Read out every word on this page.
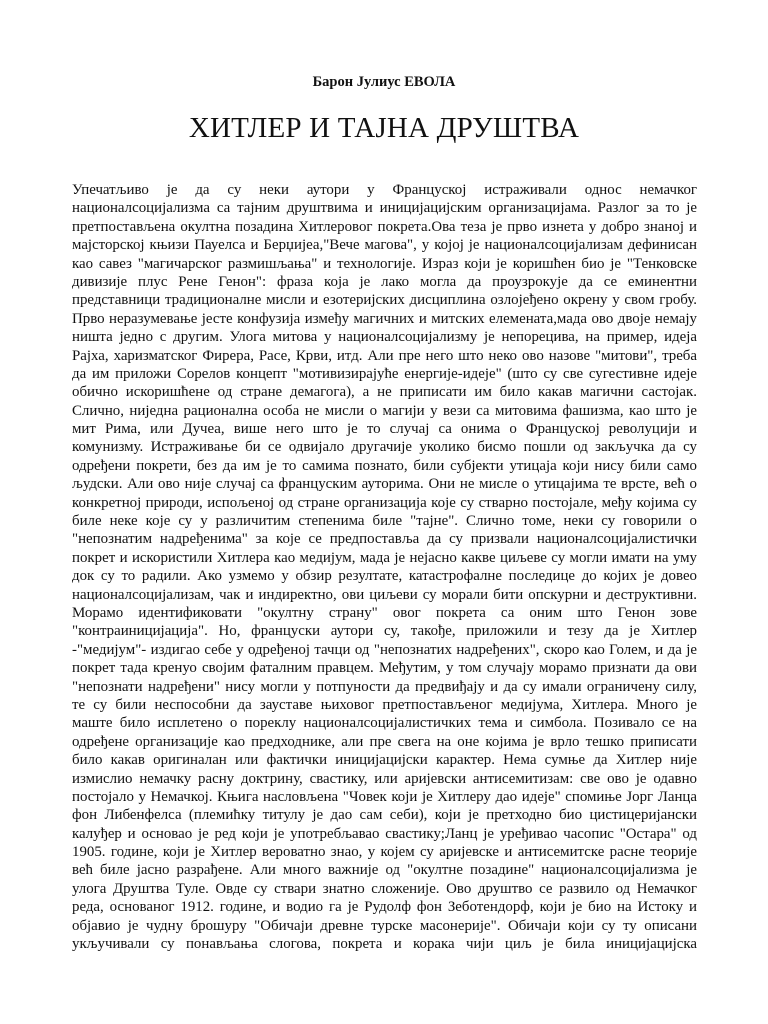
Барон Јулиус ЕВОЛА
ХИТЛЕР И ТАЈНА ДРУШТВА
Упечатљиво је да су неки аутори у Француској истраживали однос немачког
националсоцијализма са тајним друштвима и иницијацијским организацијама. Разлог за то је
претпостављена окултна позадина Хитлеровог покрета.Ова теза је прво изнета у добро знаној и
мајсторској књизи Пауелса и Берџијеа,"Вече магова", у којој је националсоцијализам дефинисан
као савез "магичарског размишљања" и технологије. Израз који је коришћен био је "Тенковске
дивизије плус Рене Генон": фраза која је лако могла да проузрокује да се еминентни
представници традиционалне мисли и езотеријских дисциплина озлојеђено окрену у свом гробу.
Прво неразумевање јесте конфузија између магичних и митских елемената,мада ово двоје немају
ништа једно с другим. Улога митова у националсоцијализму је непорецива, на пример, идеја
Рајха, харизматског Фирера, Расе, Крви, итд. Али пре него што неко ово назове "митови", треба
да им приложи Сорелов концепт "мотивизирајуће енергије-идеје" (што су све сугестивне идеје
обично искоришћене од стране демагога), а не приписати им било какав магични састојак.
Слично, ниједна рационална особа не мисли о магији у вези са митовима фашизма, као што је
мит Рима, или Дучеа, више него што је то случај са онима о Француској револуцији и
комунизму. Истраживање би се одвијало другачије уколико бисмо пошли од закључка да су
одређени покрети, без да им је то самима познато, били субјекти утицаја који нису били само
људски. Али ово није случај са француским ауторима. Они не мисле о утицајима те врсте, већ о
конкретној природи, испољеној од стране организација које су стварно постојале, међу којима су
биле неке које су у различитим степенима биле "тајне". Слично томе, неки су говорили о
"непознатим надређенима" за које се предпоставља да су призвали националсоцијалистички
покрет и искористили Хитлера као медијум, мада је нејасно какве циљеве су могли имати на уму
док су то радили. Ако узмемо у обзир резултате, катастрофалне последице до којих је довео
националсоцијализам, чак и индиректно, ови циљеви су морали бити опскурни и деструктивни.
Морамо идентификовати "окултну страну" овог покрета са оним што Генон зове
"контраиницијација". Но, француски аутори су, такође, приложили и тезу да је Хитлер
-"медијум"- издигао себе у одређеној тачци од "непознатих надређених", скоро као Голем, и да је
покрет тада кренуо својим фаталним правцем. Међутим, у том случају морамо признати да ови
"непознати надређени" нису могли у потпуности да предвиђају и да су имали ограничену силу,
те су били неспособни да зауставе њиховог претпостављеног медијума, Хитлера. Много је
маште било исплетено о пореклу националсоцијалистичких тема и симбола. Позивало се на
одређене организације као предходнике, али пре свега на оне којима је врло тешко приписати
било какав оригиналан или фактички иницијацијски карактер. Нема сумње да Хитлер није
измислио немачку расну доктрину, свастику, или аријевски антисемитизам: све ово је одавно
постојало у Немачкој. Књига насловљена "Човек који је Хитлеру дао идеје" спомиње Јорг Ланца
фон Либенфелса (племићку титулу је дао сам себи), који је претходно био цистицеријански
калуђер и основао је ред који је употребљавао свастику;Ланц је уређивао часопис "Остара" од
1905. године, који је Хитлер вероватно знао, у којем су аријевске и антисемитске расне теорије
већ биле јасно разрађене. Али много важније од "окултне позадине" националсоцијализма је
улога Друштва Туле. Овде су ствари знатно сложеније. Ово друштво се развило од Немачког
реда, основаног 1912. године, и водио га је Рудолф фон Зеботендорф, који је био на Истоку и
објавио је чудну брошуру "Обичаји древне турске масонерије". Обичаји који су ту описани
укључивали су понављања слогова, покрета и корака чији циљ је била иницијацијска
